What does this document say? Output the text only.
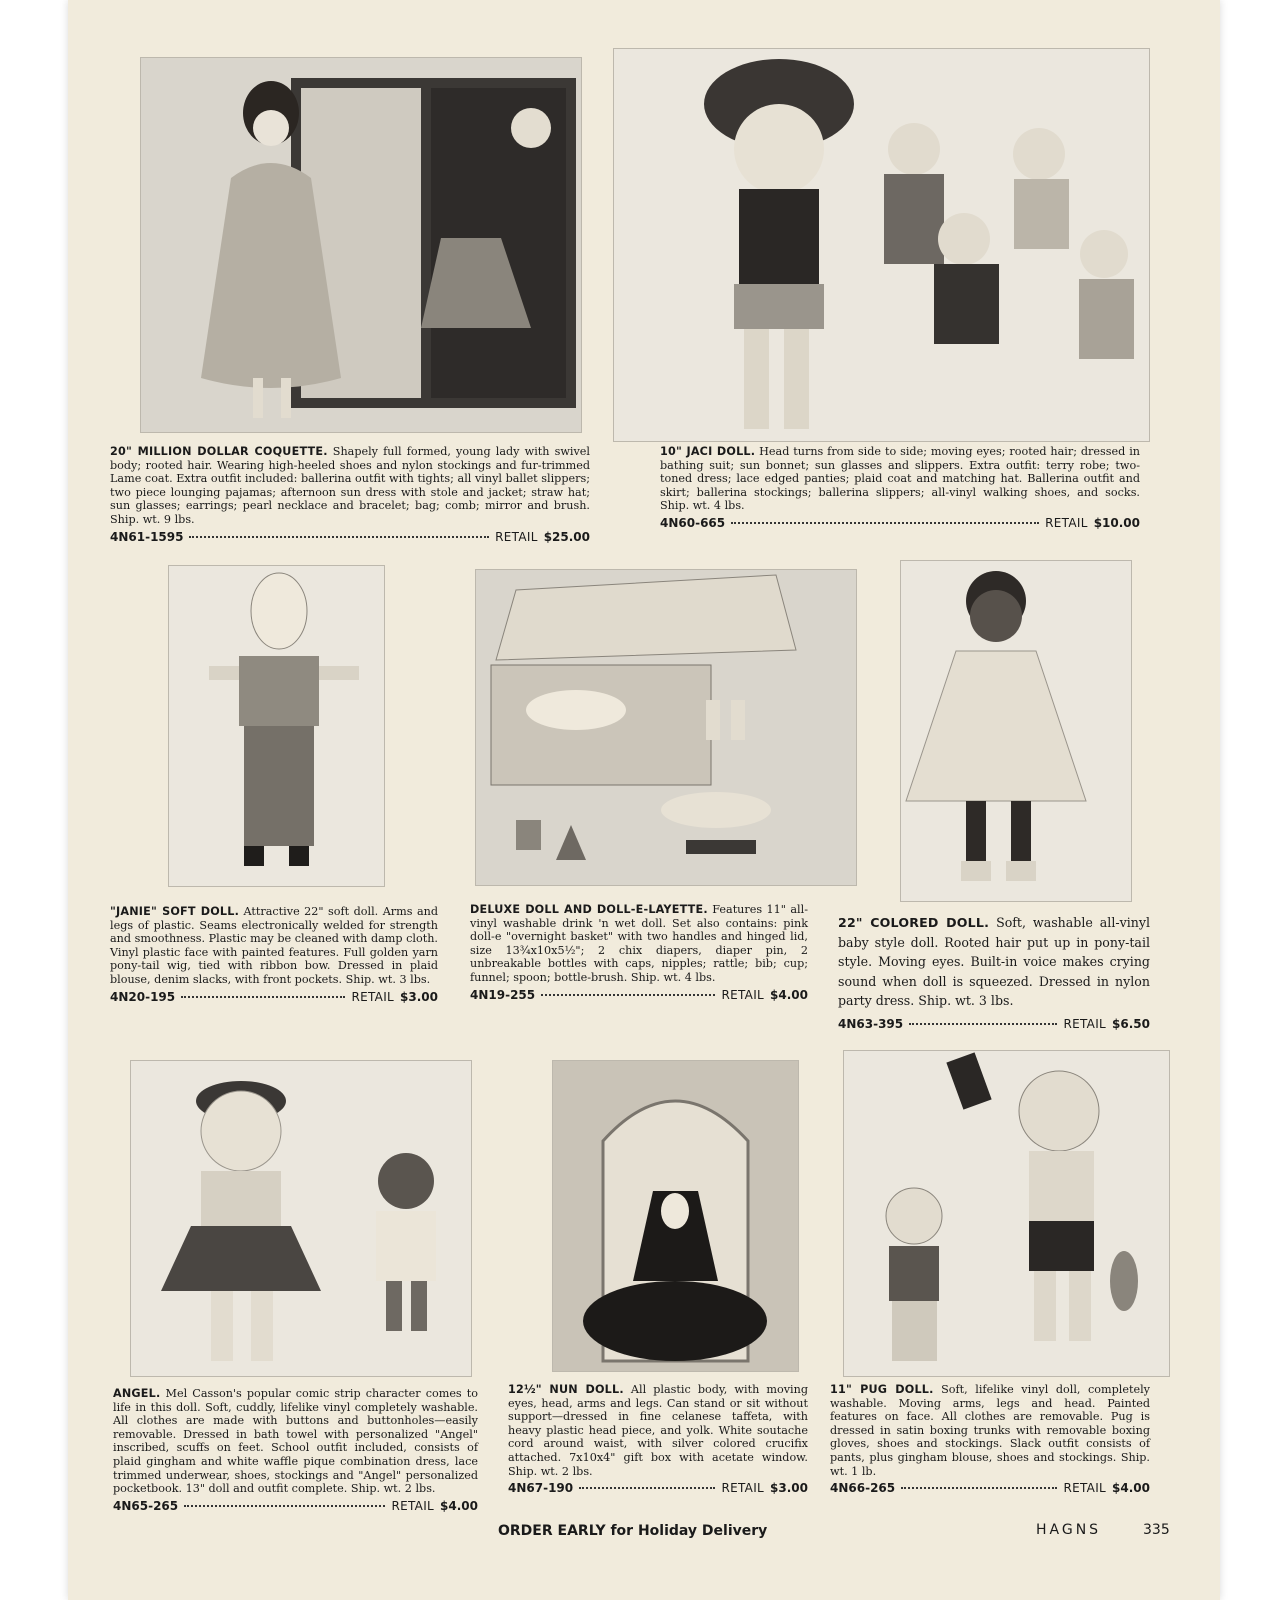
20" MILLION DOLLAR COQUETTE. Shapely full formed, young lady with swivel body; rooted hair. Wearing high-heeled shoes and nylon stockings and fur-trimmed Lame coat. Extra outfit included: ballerina outfit with tights; all vinyl ballet slippers; two piece lounging pajamas; afternoon sun dress with stole and jacket; straw hat; sun glasses; earrings; pearl necklace and bracelet; bag; comb; mirror and brush. Ship. wt. 9 lbs.

4N61-1595	RETAIL $25.00

10" JACI DOLL. Head turns from side to side; moving eyes; rooted hair; dressed in bathing suit; sun bonnet; sun glasses and slippers. Extra outfit: terry robe; two-toned dress; lace edged panties; plaid coat and matching hat. Ballerina outfit and skirt; ballerina stockings; ballerina slippers; all-vinyl walking shoes, and socks. Ship. wt. 4 lbs.

4N60-665	RETAIL $10.00

"JANIE" SOFT DOLL. Attractive 22" soft doll. Arms and legs of plastic. Seams electronically welded for strength and smoothness. Plastic may be cleaned with damp cloth. Vinyl plastic face with painted features. Full golden yarn pony-tail wig, tied with ribbon bow. Dressed in plaid blouse, denim slacks, with front pockets. Ship. wt. 3 lbs.

4N20-195	RETAIL $3.00

DELUXE DOLL AND DOLL-E-LAYETTE. Features 11" all-vinyl washable drink 'n wet doll. Set also contains: pink doll-e "overnight basket" with two handles and hinged lid, size 13¾x10x5½"; 2 chix diapers, diaper pin, 2 unbreakable bottles with caps, nipples; rattle; bib; cup; funnel; spoon; bottle-brush. Ship. wt. 4 lbs.

4N19-255	RETAIL $4.00

22" COLORED DOLL. Soft, washable all-vinyl baby style doll. Rooted hair put up in pony-tail style. Moving eyes. Built-in voice makes crying sound when doll is squeezed. Dressed in nylon party dress. Ship. wt. 3 lbs.

4N63-395	RETAIL $6.50

ANGEL. Mel Casson's popular comic strip character comes to life in this doll. Soft, cuddly, lifelike vinyl completely washable. All clothes are made with buttons and buttonholes—easily removable. Dressed in bath towel with personalized "Angel" inscribed, scuffs on feet. School outfit included, consists of plaid gingham and white waffle pique combination dress, lace trimmed underwear, shoes, stockings and "Angel" personalized pocketbook. 13" doll and outfit complete. Ship. wt. 2 lbs.

4N65-265	RETAIL $4.00

12½" NUN DOLL. All plastic body, with moving eyes, head, arms and legs. Can stand or sit without support—dressed in fine celanese taffeta, with heavy plastic head piece, and yolk. White soutache cord around waist, with silver colored crucifix attached. 7x10x4" gift box with acetate window. Ship. wt. 2 lbs.

4N67-190	RETAIL $3.00

11" PUG DOLL. Soft, lifelike vinyl doll, completely washable. Moving arms, legs and head. Painted features on face. All clothes are removable. Pug is dressed in satin boxing trunks with removable boxing gloves, shoes and stockings. Slack outfit consists of pants, plus gingham blouse, shoes and stockings. Ship. wt. 1 lb.

4N66-265	RETAIL $4.00
ORDER EARLY for Holiday Delivery	HAGNS	335
